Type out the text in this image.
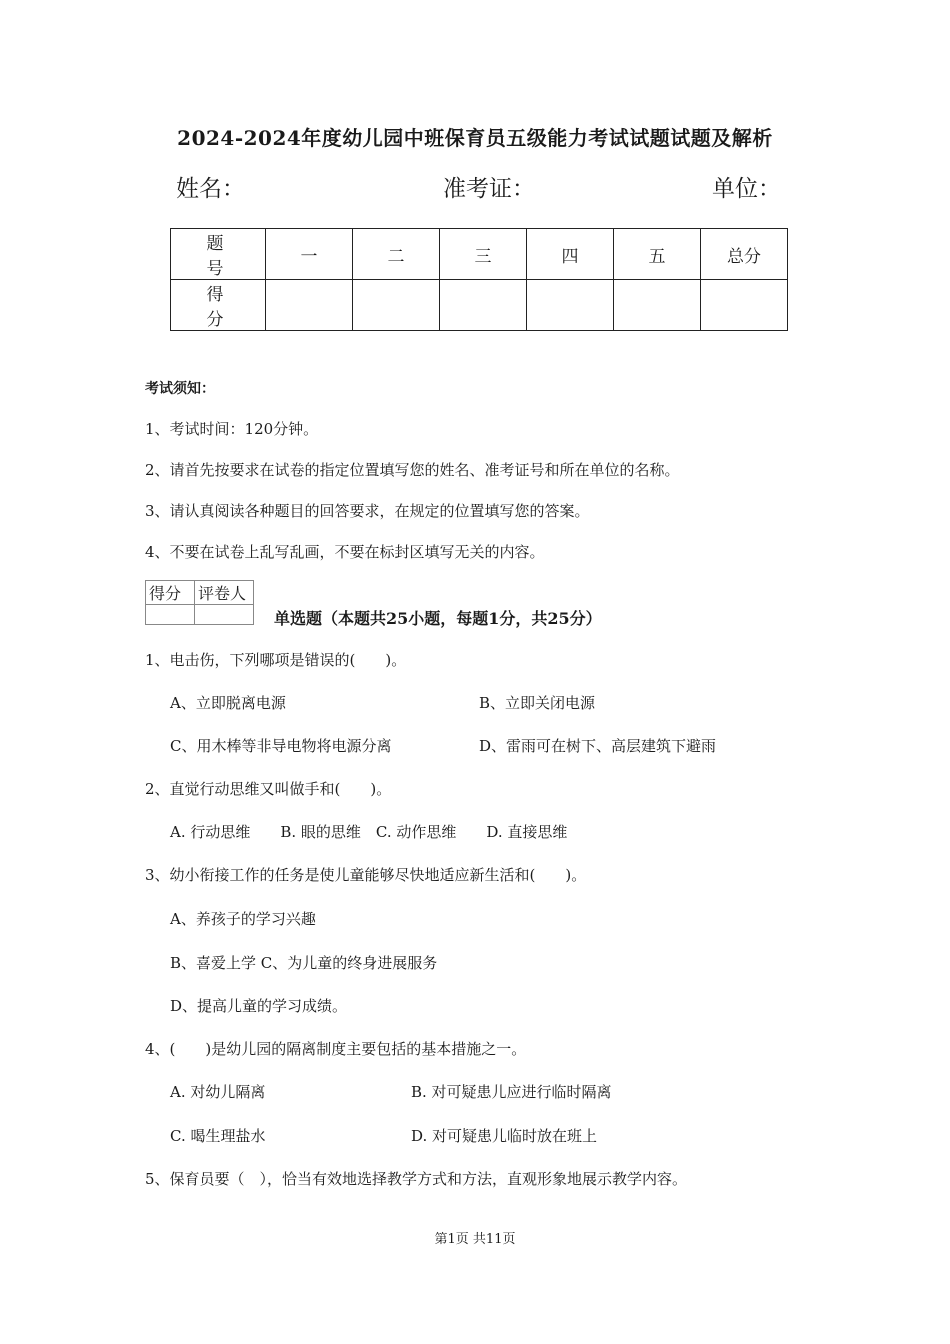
2024-2024年度幼儿园中班保育员五级能力考试试题试题及解析
姓名：	准考证：	单位：
题　号	一	二	三	四	五	总分
得　分						
考试须知：
1、考试时间：120分钟。
2、请首先按要求在试卷的指定位置填写您的姓名、准考证号和所在单位的名称。
3、请认真阅读各种题目的回答要求，在规定的位置填写您的答案。
4、不要在试卷上乱写乱画，不要在标封区填写无关的内容。
得分	评卷人

单选题（本题共25小题，每题1分，共25分）
1、电击伤，下列哪项是错误的(　　)。
A、立即脱离电源	B、立即关闭电源
C、用木棒等非导电物将电源分离	D、雷雨可在树下、高层建筑下避雨
2、直觉行动思维又叫做手和(　　)。
A. 行动思维　　B. 眼的思维　C. 动作思维　　D. 直接思维
3、幼小衔接工作的任务是使儿童能够尽快地适应新生活和(　　)。
A、养孩子的学习兴趣
B、喜爱上学 C、为儿童的终身进展服务
D、提高儿童的学习成绩。
4、(　　)是幼儿园的隔离制度主要包括的基本措施之一。
A. 对幼儿隔离	B. 对可疑患儿应进行临时隔离
C. 喝生理盐水	D. 对可疑患儿临时放在班上
5、保育员要（　），恰当有效地选择教学方式和方法，直观形象地展示教学内容。
第1页 共11页
